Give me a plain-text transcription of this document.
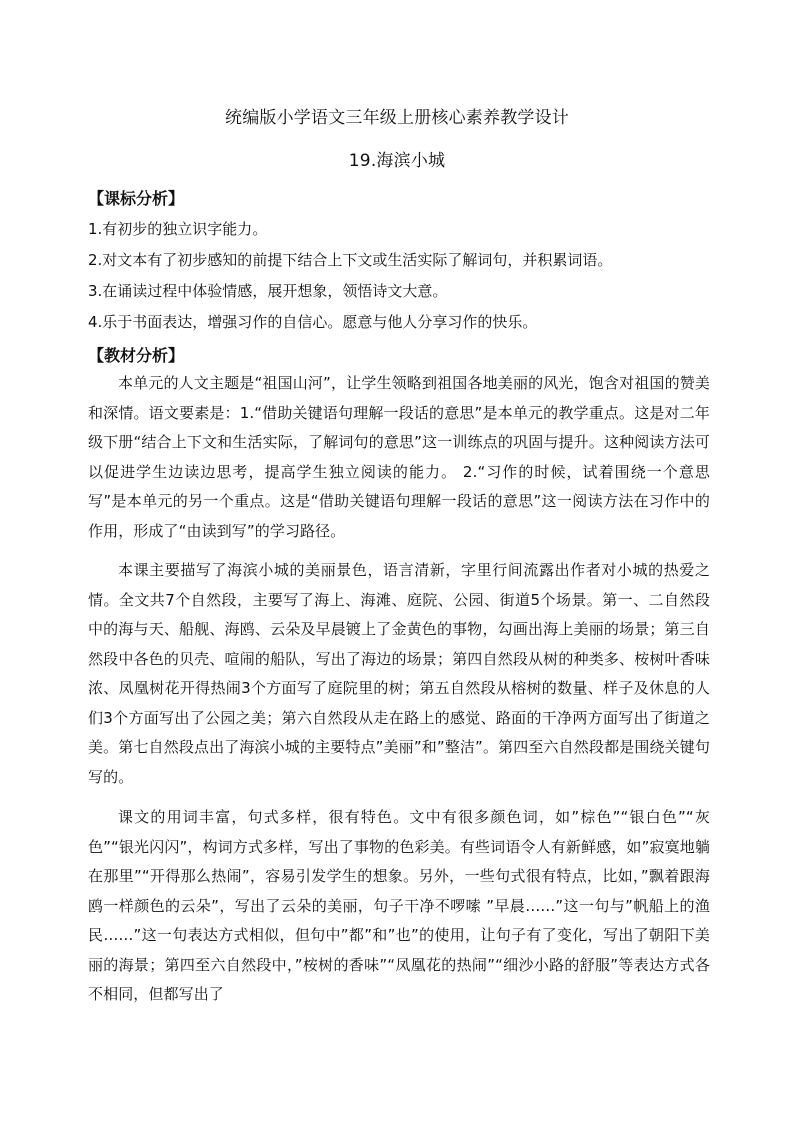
统编版小学语文三年级上册核心素养教学设计
19.海滨小城
【课标分析】
1.有初步的独立识字能力。
2.对文本有了初步感知的前提下结合上下文或生活实际了解词句，并积累词语。
3.在诵读过程中体验情感，展开想象，领悟诗文大意。
4.乐于书面表达，增强习作的自信心。愿意与他人分享习作的快乐。
【教材分析】
本单元的人文主题是“祖国山河”，让学生领略到祖国各地美丽的风光，饱含对祖国的赞美和深情。语文要素是：1.“借助关键语句理解一段话的意思”是本单元的教学重点。这是对二年级下册“结合上下文和生活实际，了解词句的意思”这一训练点的巩固与提升。这种阅读方法可以促进学生边读边思考，提高学生独立阅读的能力。 2.“习作的时候，试着围绕一个意思写”是本单元的另一个重点。这是“借助关键语句理解一段话的意思”这一阅读方法在习作中的作用，形成了“由读到写”的学习路径。
本课主要描写了海滨小城的美丽景色，语言清新，字里行间流露出作者对小城的热爱之情。全文共7个自然段，主要写了海上、海滩、庭院、公园、街道5个场景。第一、二自然段中的海与天、船舰、海鸥、云朵及早晨镀上了金黄色的事物，勾画出海上美丽的场景；第三自然段中各色的贝壳、喧闹的船队，写出了海边的场景；第四自然段从树的种类多、桉树叶香味浓、凤凰树花开得热闹3个方面写了庭院里的树；第五自然段从榕树的数量、样子及休息的人们3个方面写出了公园之美；第六自然段从走在路上的感觉、路面的干净两方面写出了街道之美。第七自然段点出了海滨小城的主要特点”美丽”和”整洁”。第四至六自然段都是围绕关键句写的。
课文的用词丰富，句式多样，很有特色。文中有很多颜色词，如”棕色”“银白色”“灰色”“银光闪闪”，构词方式多样，写出了事物的色彩美。有些词语令人有新鲜感，如”寂寞地躺在那里”“开得那么热闹”，容易引发学生的想象。另外，一些句式很有特点，比如，”飘着跟海鸥一样颜色的云朵”，写出了云朵的美丽，句子干净不啰嗦 ”早晨……”这一句与”帆船上的渔民……”这一句表达方式相似，但句中”都”和”也”的使用，让句子有了变化，写出了朝阳下美丽的海景；第四至六自然段中，”桉树的香味”“凤凰花的热闹”“细沙小路的舒服”等表达方式各不相同，但都写出了
